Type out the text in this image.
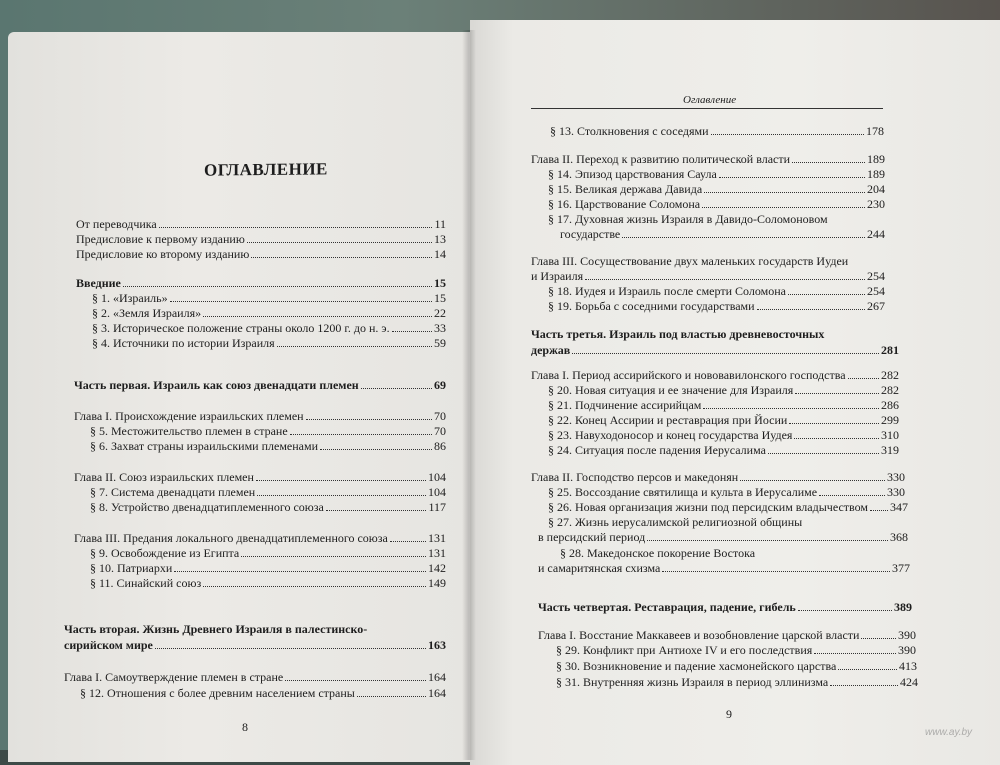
ОГЛАВЛЕНИЕ
От переводчика	11
Предисловие к первому изданию	13
Предисловие ко второму изданию	14
Введние	15
§ 1. «Израиль»	15
§ 2. «Земля Израиля»	22
§ 3. Историческое положение страны около 1200 г. до н. э.	33
§ 4. Источники по истории Израиля	59
Часть первая. Израиль как союз двенадцати племен	69
Глава I. Происхождение израильских племен	70
§ 5. Местожительство племен в стране	70
§ 6. Захват страны израильскими племенами	86
Глава II. Союз израильских племен	104
§ 7. Система двенадцати племен	104
§ 8. Устройство двенадцатиплеменного союза	117
Глава III. Предания локального двенадцатиплеменного союза	131
§ 9. Освобождение из Египта	131
§ 10. Патриархи	142
§ 11. Синайский союз	149
Часть вторая. Жизнь Древнего Израиля в палестинско-
сирийском мире	163
Глава I. Самоутверждение племен в стране	164
§ 12. Отношения с более древним населением страны	164
8
Оглавление
§ 13. Столкновения с соседями	178
Глава II. Переход к развитию политической власти	189
§ 14. Эпизод царствования Саула	189
§ 15. Великая держава Давида	204
§ 16. Царствование Соломона	230
§ 17. Духовная жизнь Израиля в Давидо-Соломоновом
государстве	244
Глава III. Сосуществование двух маленьких государств Иудеи
и Израиля	254
§ 18. Иудея и Израиль после смерти Соломона	254
§ 19. Борьба с соседними государствами	267
Часть третья. Израиль под властью древневосточных
держав	281
Глава I. Период ассирийского и нововавилонского господства	282
§ 20. Новая ситуация и ее значение для Израиля	282
§ 21. Подчинение ассирийцам	286
§ 22. Конец Ассирии и реставрация при Йосии	299
§ 23. Навуходоносор и конец государства Иудея	310
§ 24. Ситуация после падения Иерусалима	319
Глава II. Господство персов и македонян	330
§ 25. Воссоздание святилища и культа в Иерусалиме	330
§ 26. Новая организация жизни под персидским владычеством 347
§ 27. Жизнь иерусалимской религиозной общины
в персидский период	368
§ 28. Македонское покорение Востока
и самаритянская схизма	377
Часть четвертая. Реставрация, падение, гибель	389
Глава I. Восстание Маккавеев и возобновление царской власти	390
§ 29. Конфликт при Антиохе IV и его последствия	390
§ 30. Возникновение и падение хасмонейского царства	413
§ 31. Внутренняя жизнь Израиля в период эллинизма	424
9
www.ay.by
